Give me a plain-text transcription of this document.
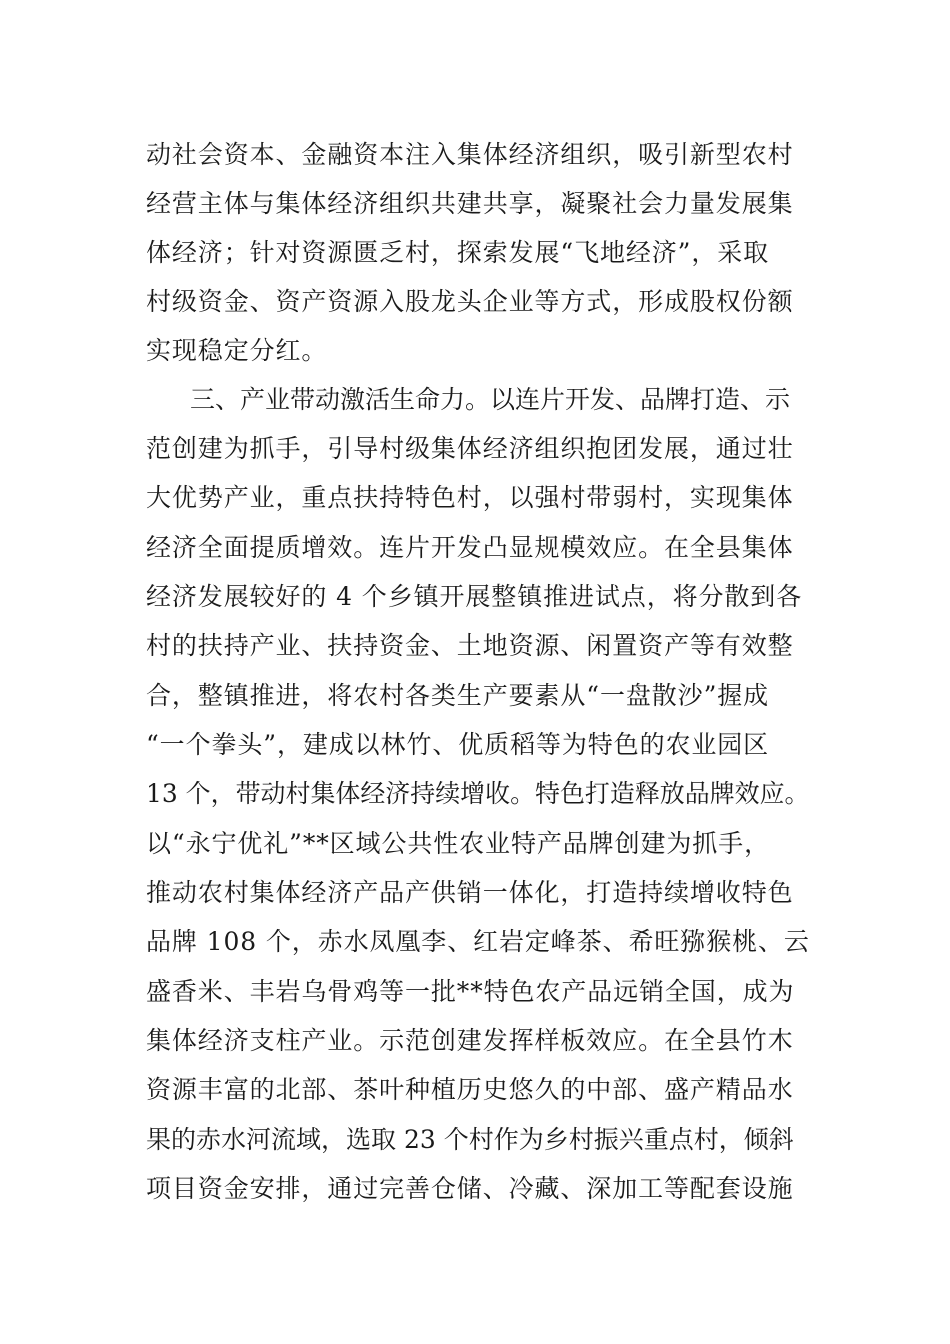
动社会资本、金融资本注入集体经济组织，吸引新型农村
经营主体与集体经济组织共建共享，凝聚社会力量发展集
体经济；针对资源匮乏村，探索发展“飞地经济”，采取
村级资金、资产资源入股龙头企业等方式，形成股权份额
实现稳定分红。
三、产业带动激活生命力。以连片开发、品牌打造、示
范创建为抓手，引导村级集体经济组织抱团发展，通过壮
大优势产业，重点扶持特色村，以强村带弱村，实现集体
经济全面提质增效。连片开发凸显规模效应。在全县集体
经济发展较好的 4 个乡镇开展整镇推进试点，将分散到各
村的扶持产业、扶持资金、土地资源、闲置资产等有效整
合，整镇推进，将农村各类生产要素从“一盘散沙”握成
“一个拳头”，建成以林竹、优质稻等为特色的农业园区
13 个，带动村集体经济持续增收。特色打造释放品牌效应。
以“永宁优礼”**区域公共性农业特产品牌创建为抓手，
推动农村集体经济产品产供销一体化，打造持续增收特色
品牌 108 个，赤水凤凰李、红岩定峰茶、希旺猕猴桃、云
盛香米、丰岩乌骨鸡等一批**特色农产品远销全国，成为
集体经济支柱产业。示范创建发挥样板效应。在全县竹木
资源丰富的北部、茶叶种植历史悠久的中部、盛产精品水
果的赤水河流域，选取 23 个村作为乡村振兴重点村，倾斜
项目资金安排，通过完善仓储、冷藏、深加工等配套设施
